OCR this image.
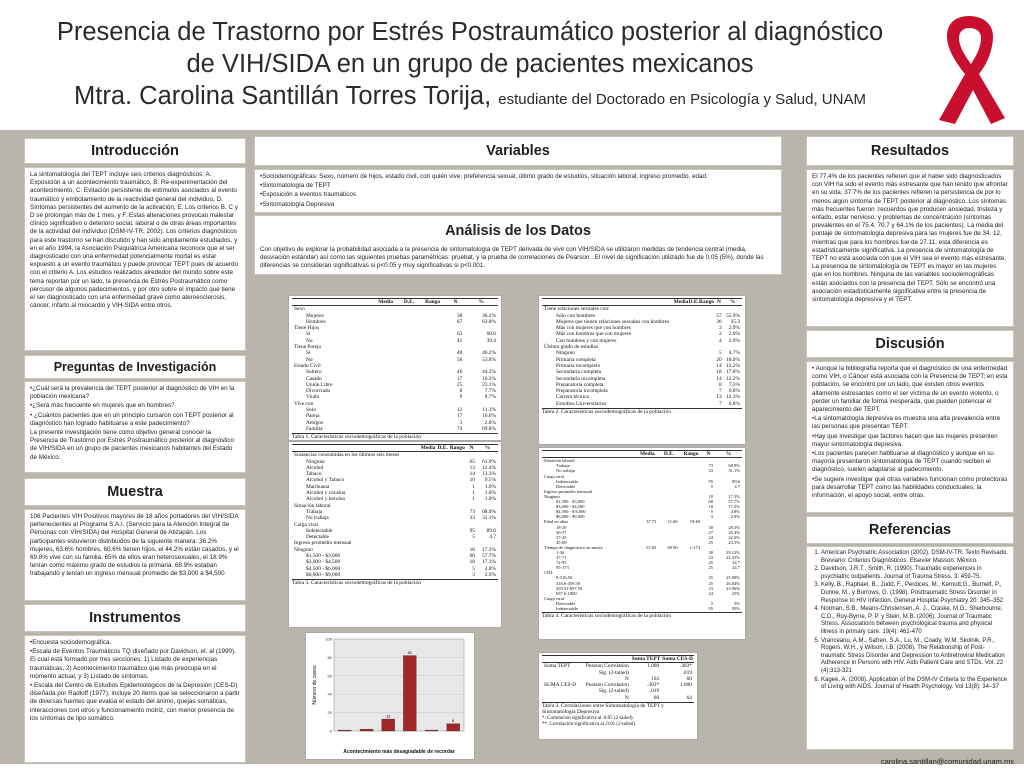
Presencia de Trastorno por Estrés Postraumático posterior al diagnóstico
de VIH/SIDA en un grupo de pacientes mexicanos
Mtra. Carolina Santillán Torres Torija, estudiante del Doctorado en Psicología y Salud, UNAM
Introducción

La sintomatología del TEPT incluye seis criterios diagnósticos: A. Exposición a un acontecimiento traumático, B. Re-experimentación del acontecimiento, C. Evitación persistente de estímulos asociados al evento traumático y embotamiento de la reactividad general del individuo, D. Síntomas persistentes del aumento de la activación, E. Los criterios B, C y D se prolongan más de 1 mes, y F. Estas alteraciones provocan malestar clínico significativo o deterioro social, laboral o de otras áreas importantes de la actividad del individuo (DSM-IV-TR, 2002). Los criterios diagnósticos para este trastorno se han discutido y han sido ampliamente estudiados, y en el año 1994, la Asociación Psiquiátrica Americana reconoce que el ser diagnosticado con una enfermedad potencialmente mortal es estar expuesto a un evento traumático y puede provocar TEPT pues de acuerdo con el criterio A. Los estudios realizados alrededor del mundo sobre este tema reportan por un lado, la presencia de Estrés Postraumático como percusor de algunos padecimientos, y por otro sobre el impacto que tiene el ser diagnosticado con una enfermedad grave como ateroesclerosis, cáncer, infarto al miocardio y VIH-SIDA entre otros.

Preguntas de Investigación

•¿Cuál será la prevalencia del TEPT posterior al diagnóstico de VIH en la población mexicana?

•¿Será más frecuente en mujeres que en hombres?

• ¿Cuántos pacientes que en un principio cursaron con TEPT posterior al diagnóstico han logrado habituarse a este padecimiento?

La presente investigación tiene como objetivo general conocer la Presencia de Trastorno por Estrés Postraumático posterior al diagnóstico de VIH/SIDA en un grupo de pacientes mexicanos habitantes del Estado de México.

Muestra

106 Pacientes VIH Positivos mayores de 18 años portadores del VIH/SIDA pertenecientes al Programa S.A.I. (Servicio para la Atención Integral de Personas con VIH/SIDA) del Hospital General de Atizapán. Los participantes estuvieron distribuidos de la siguiente manera: 36.2% mujeres, 63.6% hombres, 60.6% tienen hijos, el 44.2% están casados, y el 69.8% vive con su familia. 65% de ellos eran heterosexuales, el 18.9% tenían como máximo grado de estudios la primaria. 68.9% estaban trabajando y tenían un ingreso mensual promedio de $3,000 a $4,500

Instrumentos

•Encuesta sociodemográfica.

•Escala de Eventos Traumáticos TQ diseñado por Davidson, et. al (1990). El cual está formado por tres secciones: 1) Listado de experiencias traumáticas, 2) Acontecimiento traumático que más preocupa en el momento actual, y 3) Listado de síntomas.

• Escala del Centro de Estudios Epidemiológicos de la Depresión (CES-D) diseñada por Radloff (1977), incluye 20 ítems que se seleccionaron a partir de diversas fuentes que evalúa el estado del ánimo, quejas somáticas, interacciones con otros y funcionamiento motriz, con menor presencia de los síntomas de tipo somático.

Variables

•Sociodemográficas: Sexo, número de hijos, estado civil, con quién vive, preferencia sexual, último grado de estudios, situación laboral, ingreso promedio, edad.

•Sintomatología de TEPT

•Exposición a eventos traumáticos

•Sintomatología Depresiva

Análisis de los Datos

Con objetivo de explorar la probabilidad asociada a la presencia de sintomatología de TEPT derivada de vivir con VIH/SIDA se utilizaron medidas de tendencia central (media, desviación estándar) así como las siguientes pruebas paramétricas: pruebat, y la prueba de correlaciones de Pearson . El nivel de significación utilizado fue de 0.05 (5%), donde las diferencias se consideran significativas si p<0.05 y muy significativas si p<0.001.

	Media	D.E.	Rango	N	%
Sexo					
Mujeres				38	36.2%
Hombres				67	63.8%
Tiene Hijos					
Sí				63	60.6
No				41	39.4
Tiene Pareja					
Sí				48	46.2%
No				56	53.8%
Estado Civil					
Soltero				46	44.2%
Casado				17	16.3%
Unión Libre				25	23.1%
Divorciado				8	7.7%
Viudo				9	8.7%
Vive con					
Solo				12	11.3%
Pareja				17	16.0%
Amigos				3	2.8%
Familia				74	69.8%
Tabla 1. Características sociodemográficas de la población
	Media	D.E.	Rango	N	%
Sustancias consumidas en los últimos seis meses					
Ninguna				65	61.9%
Alcohol				13	12.4%
Tabaco				14	13.3%
Alcohol y Tabaco				10	9.5%
Marihuana				1	1.0%
Alcohol y cocaína				1	1.0%
Alcohol y heroína				1	1.0%
Situación laboral					
Trabaja				73	68.9%
No trabaja				33	31.1%
Carga viral					
Indetectable				95	89.6
Detectable				5	4.7
Ingreso promedio mensual					
Ninguno				18	17.3%
$1,500 - $3,000				60	57.7%
$3,000 - $4,500				18	17.3%
$4,500 - $6,000				5	4.8%
$6,000 - $9,000				3	2.9%
Tabla 3. Características sociodemográficas de la población
0
20
40
60
80
100
13
82
8
Acontecimiento más desagradable de recordar
Número de casos
	Media	D.E.	Rango	N	%
Tiene relaciones sexuales con:					
Sólo con hombres				57	55.9%
Mujeres que tienen relaciones sexuales con hombres				36	35.3
Más con mujeres que con hombres				3	2.9%
Más con hombres que con mujeres				2	2.0%
Con hombres y con mujeres				4	3.9%
Último grado de estudios					
Ninguno				5	4.7%
Primaria completa				20	18.9%
Primaria incompleta				14	13.2%
Secundaria completa				18	17.0%
Secundaria incompleta				14	13.2%
Preparatoria completa				8	7.5%
Preparatoria incompleta				7	6.6%
Carrera técnica				13	12.3%
Estudios Universitarios				7	6.6%
Tabla 2. Características sociodemográficas de la población
	Media	D.E.	Rango	N	%
Situación laboral					
Trabaja				73	68.9%
No trabaja				33	31.1%
Carga viral					
Indetectable				95	89.6
Detectable				5	4.7
Ingreso promedio mensual					
Ninguno				18	17.3%
$1,500 - $3,000				60	57.7%
$3,000 - $4,500				18	17.3%
$4,500 - $ 6,000				5	4.8%
$6,000 - $9,000				3	2.9%
Edad en años	37.73	11.06	18-69		
18-29				30	28.3%
30-37				27	25.4%
37-45				24	22.6%
45-69				25	23.5%
Tiempo de diagnóstico en meses	67.83	60.90	1-173		
1-36				30	29.12%
37-71				23	22.33%
72-95				25	24.7
95-173				25	24.7
CD4					
0-316.50				25	25.00%
316.6-459.50				25	26.04%
459.51-697.50				23	23.96%
697.6-1800				24	25%
Carga viral					
Detectable				5	5%
Indetectable				95	95%
Tabla 4. Características sociodemográficas de la población
		Suma TEPT	Suma CES-D
Suma TEPT	Pearson Correlation	1.000	.303*
	Sig. (2-tailed)		.019
	N	102	60
SUMA CES-D	Pearson Correlation	.303*	1.000
	Sig. (2-tailed)	.019	
	N	60	64
Tabla 3. Correlaciones entre Sintomatología de TEPT y Sintomatología Depresiva
*. Correlación significativa al .0.05 (2-tailed).
**. Correlación significativa al .0.01 (2-tailed).
Resultados

El 77.4% de los pacientes refieren que el haber sido diagnosticados con VIH ha sido el evento más estresante que han tenido que afrontar en su vida. 37.7% de los pacientes refieren la persistencia de por lo menos algún síntoma de TEPT posterior al diagnóstico. Los síntomas más frecuentes fueron :recuerdos que producen ansiedad, tristeza y enfado, estar nervioso, y problemas de concentración (síntomas prevalentes en el 75.4, 70.7 y 64.1% de los pacientes). La media del puntaje de sintomatología depresiva para las mujeres fue de 34. 12, mientras que para los hombres fue de 27.11, esta diferencia es estadísticamente significativa. La presencia de sintomatología de TEPT no está asociada con que el VIH sea el evento más estresante. La presencia de sintomatología de TEPT es mayor en las mujeres que en los hombres. Ninguna de las variables sociodemográficas están asociados con la presencia del TEPT. Sólo se encontró una asociación estadísticamente significativa entre la presencia de sintomatología depresiva y el TEPT.

Discusión

• Aunque la bibliografía reporta que el diagnóstico de una enfermedad como VIH, o Cáncer está asociada con la Presencia de TEPT; en esta población, se encontró por un lado, que existen otros eventos altamente estresantes como el ser víctima de un evento violento, o perder un familiar de forma inesperada, que pueden potenciar el aparecimiento del TEPT.

•La sintomatología depresiva es muestra una alta prevalencia entre las personas que presentan TEPT.

•Hay que investigar que factores hacen que las mujeres presenten mayor sintomatología depresiva.

•Los pacientes parecen habituarse al diagnóstico y aunque en su mayoría presentaron sintomatología de TEPT cuando reciben el diagnóstico, suelen adaptarse al padecimiento.

•Se sugiere investigar qué otras variables funcionan como protectoras para desarrollar TEPT como las habilidades conductuales, la información, el apoyo social, entre otras.

Referencias
1. American Psychiatric Association (2002). DSM-IV-TR. Texto Revisado. Breviario: Criterios Diagnósticos. Elsevier Masson: México.
2. Davidson, J.R.T., Smith, R. (1990). Traumatic experiences in psychiatric outpatients. Journal of Trauma Stress. 3: 459-75.
3. Kelly, B., Raphael, B., Judd, F., Perdices, M., Kernutt,G., Burnett, P., Dunne, M., y Burrows, G. (1998). Posttraumatic Stress Disorder in Response to HIV Infection. General Hospital Psychiatry 20: 345–352.
4. Norman, S.B., Means-Christensen, A. J., Craske, M.G., Sherbourne, C.D., Roy-Byrne, P. P. y Stein, M.B. (2006). Journal of Traumatic Stress. Associations between psychological trauma and physical illness in primary care. 19(4): 461-470
5. Vranceanu, A.M., Safren, S.A., Lu, M., Coady, W.M. Skolnik, P.R., Rogers, W.H., y Wilson, I.B. (2008). The Relationship of Post-traumatic Stress Disorder and Depression to Antiretroviral Medication Adherence in Persons with HIV. Aids Patient Care and STDs. Vol. 22 (4):313-321
6. Kagee, A. (2008). Application of the DSM-IV Criteria to the Experience of Living with AIDS. Journal of Health Psychology. Vol 13(8): 34–37
carolina.santillan@comunidad.unam.mx
